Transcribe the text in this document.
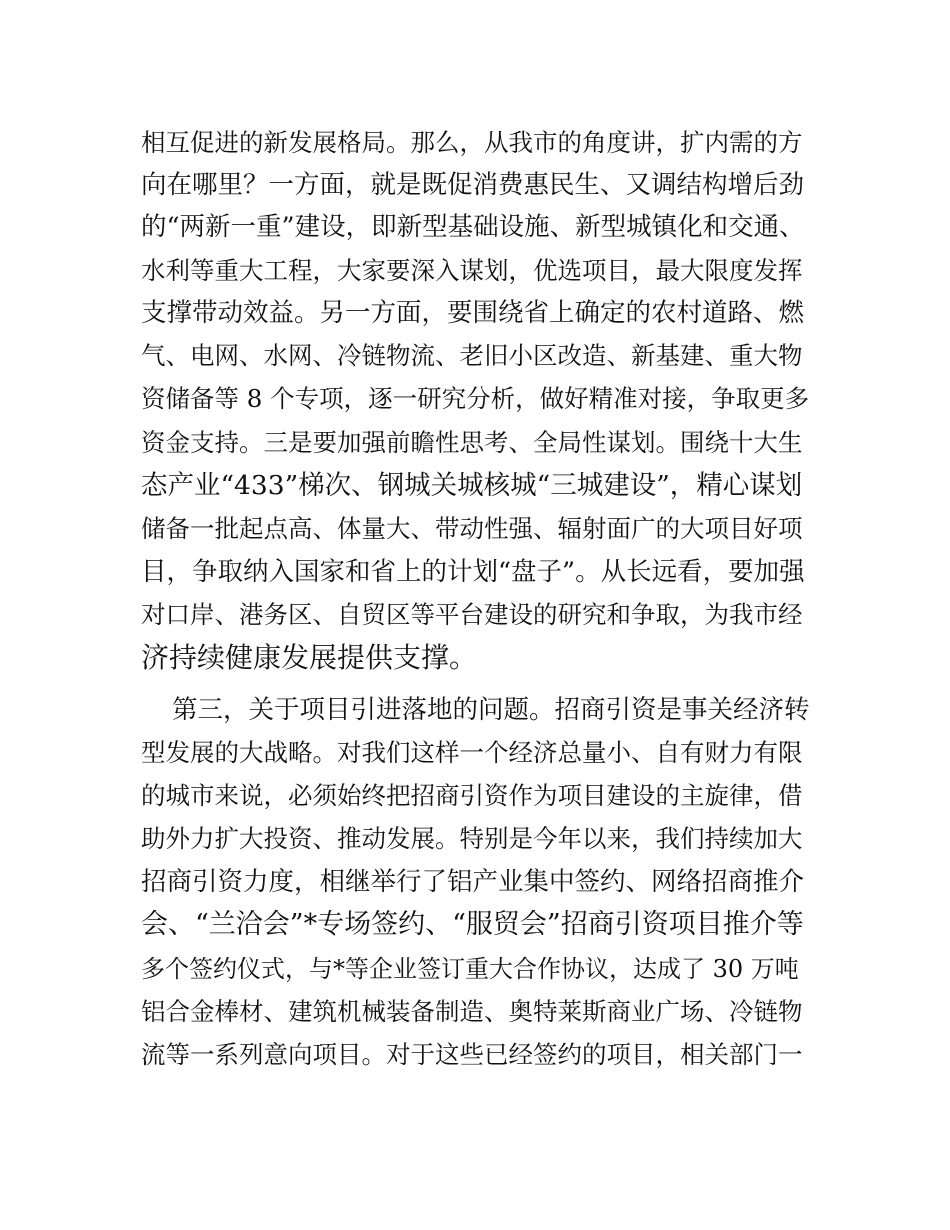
相互促进的新发展格局。那么，从我市的角度讲，扩内需的方
向在哪里？一方面，就是既促消费惠民生、又调结构增后劲
的“两新一重”建设，即新型基础设施、新型城镇化和交通、
水利等重大工程，大家要深入谋划，优选项目，最大限度发挥
支撑带动效益。另一方面，要围绕省上确定的农村道路、燃
气、电网、水网、冷链物流、老旧小区改造、新基建、重大物
资储备等 8 个专项，逐一研究分析，做好精准对接，争取更多
资金支持。三是要加强前瞻性思考、全局性谋划。围绕十大生
态产业“433”梯次、钢城关城核城“三城建设”，精心谋划
储备一批起点高、体量大、带动性强、辐射面广的大项目好项
目，争取纳入国家和省上的计划“盘子”。从长远看，要加强
对口岸、港务区、自贸区等平台建设的研究和争取，为我市经
济持续健康发展提供支撑。
第三，关于项目引进落地的问题。招商引资是事关经济转
型发展的大战略。对我们这样一个经济总量小、自有财力有限
的城市来说，必须始终把招商引资作为项目建设的主旋律，借
助外力扩大投资、推动发展。特别是今年以来，我们持续加大
招商引资力度，相继举行了铝产业集中签约、网络招商推介
会、“兰洽会”*专场签约、“服贸会”招商引资项目推介等
多个签约仪式，与*等企业签订重大合作协议，达成了 30 万吨
铝合金棒材、建筑机械装备制造、奥特莱斯商业广场、冷链物
流等一系列意向项目。对于这些已经签约的项目，相关部门一
